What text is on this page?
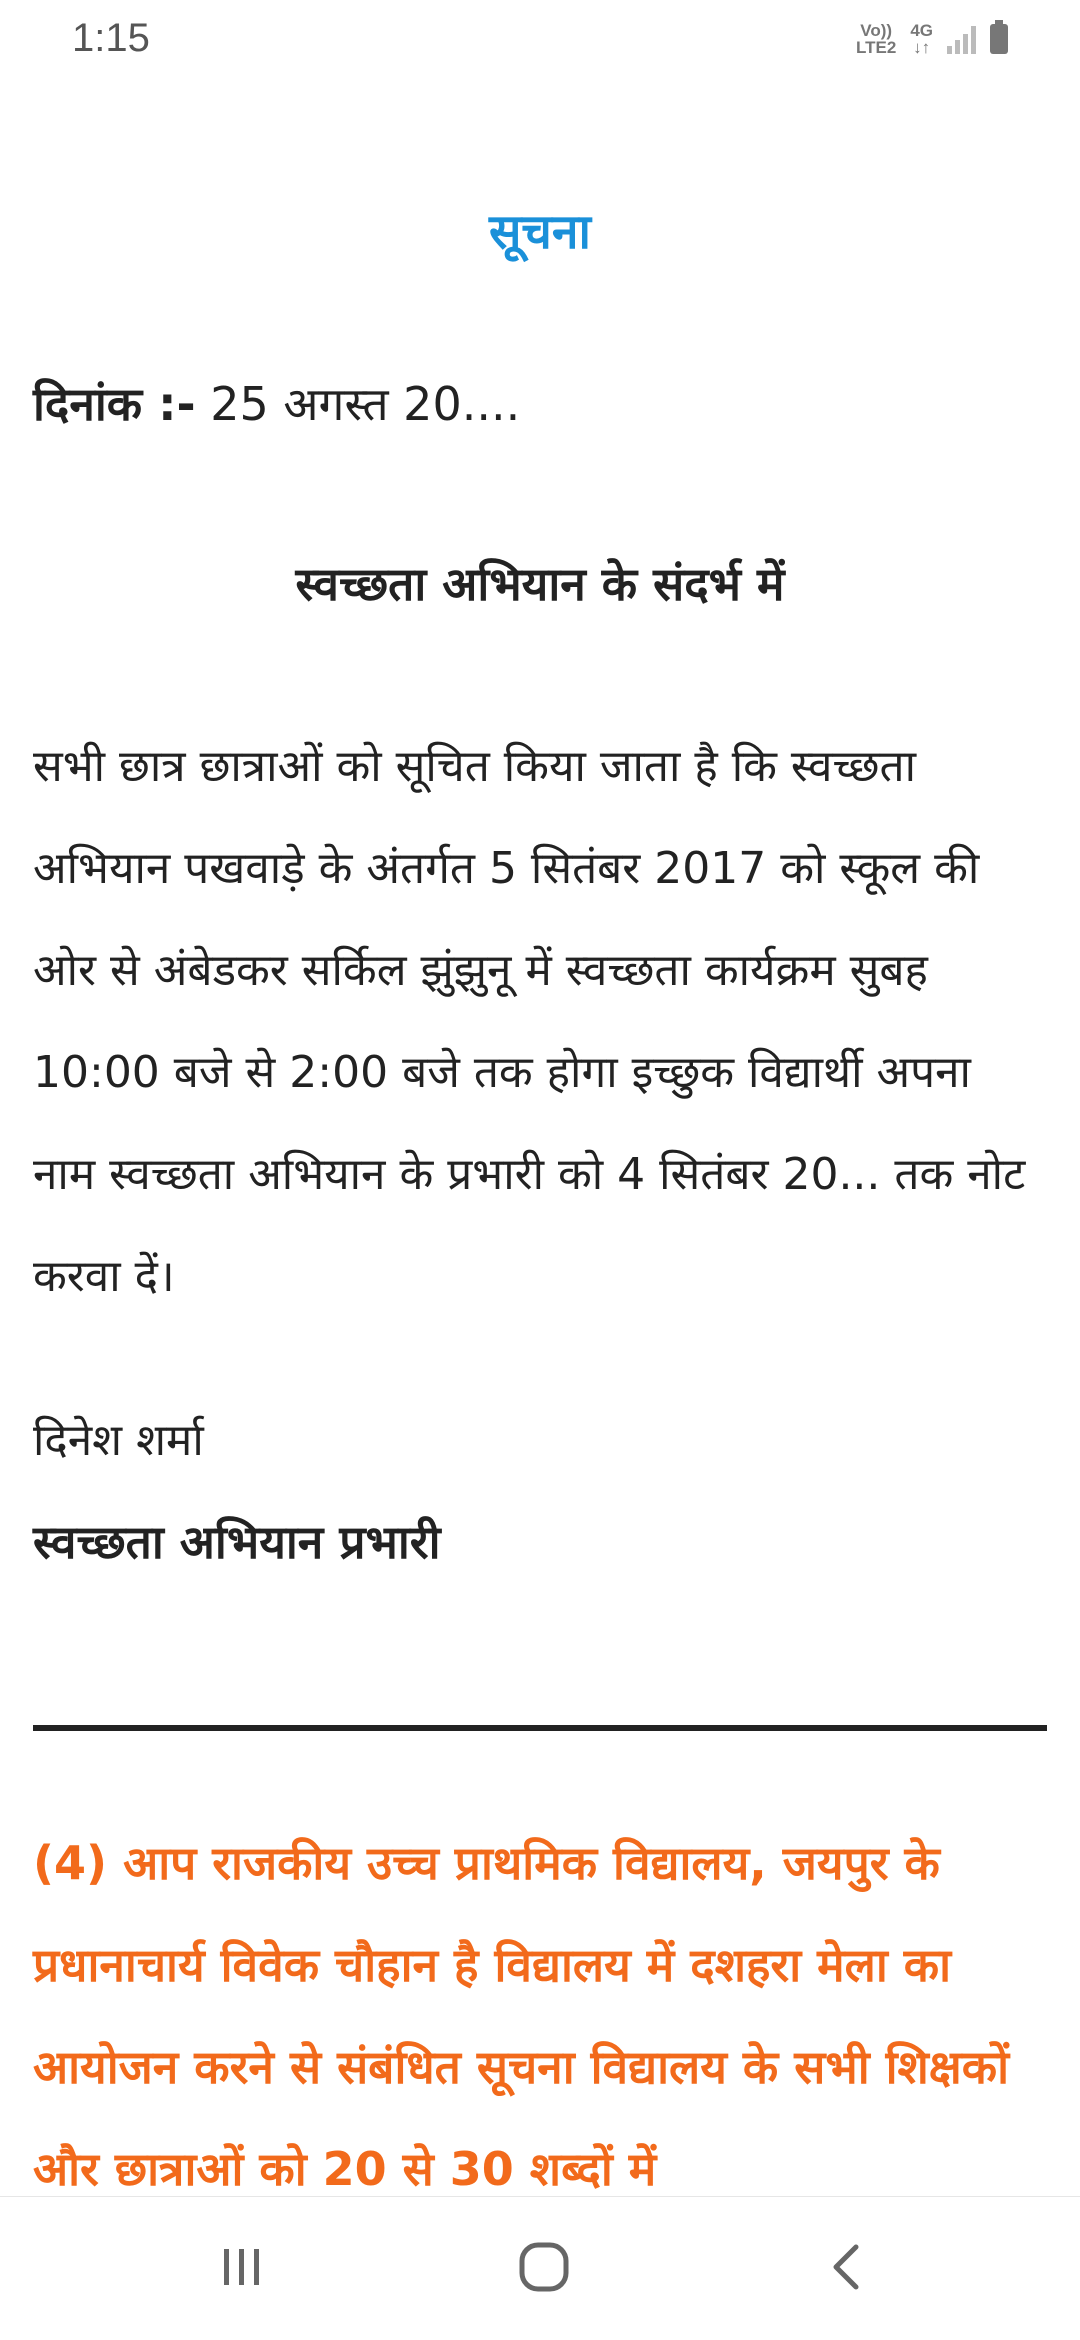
1:15	Vo))
LTE2
4G
↓↑
सूचना
दिनांक :- 25 अगस्त 20....
स्वच्छता अभियान के संदर्भ में

सभी छात्र छात्राओं को सूचित किया जाता है कि स्वच्छता अभियान पखवाड़े के अंतर्गत 5 सितंबर 2017 को स्कूल की ओर से अंबेडकर सर्किल झुंझुनू में स्वच्छता कार्यक्रम सुबह 10:00 बजे से 2:00 बजे तक होगा इच्छुक विद्यार्थी अपना नाम स्वच्छता अभियान के प्रभारी को 4 सितंबर 20... तक नोट करवा दें।

दिनेश शर्मा
स्वच्छता अभियान प्रभारी

(4) आप राजकीय उच्च प्राथमिक विद्यालय, जयपुर के प्रधानाचार्य विवेक चौहान है विद्यालय में दशहरा मेला का आयोजन करने से संबंधित सूचना विद्यालय के सभी शिक्षकों और छात्राओं को 20 से 30 शब्दों में
